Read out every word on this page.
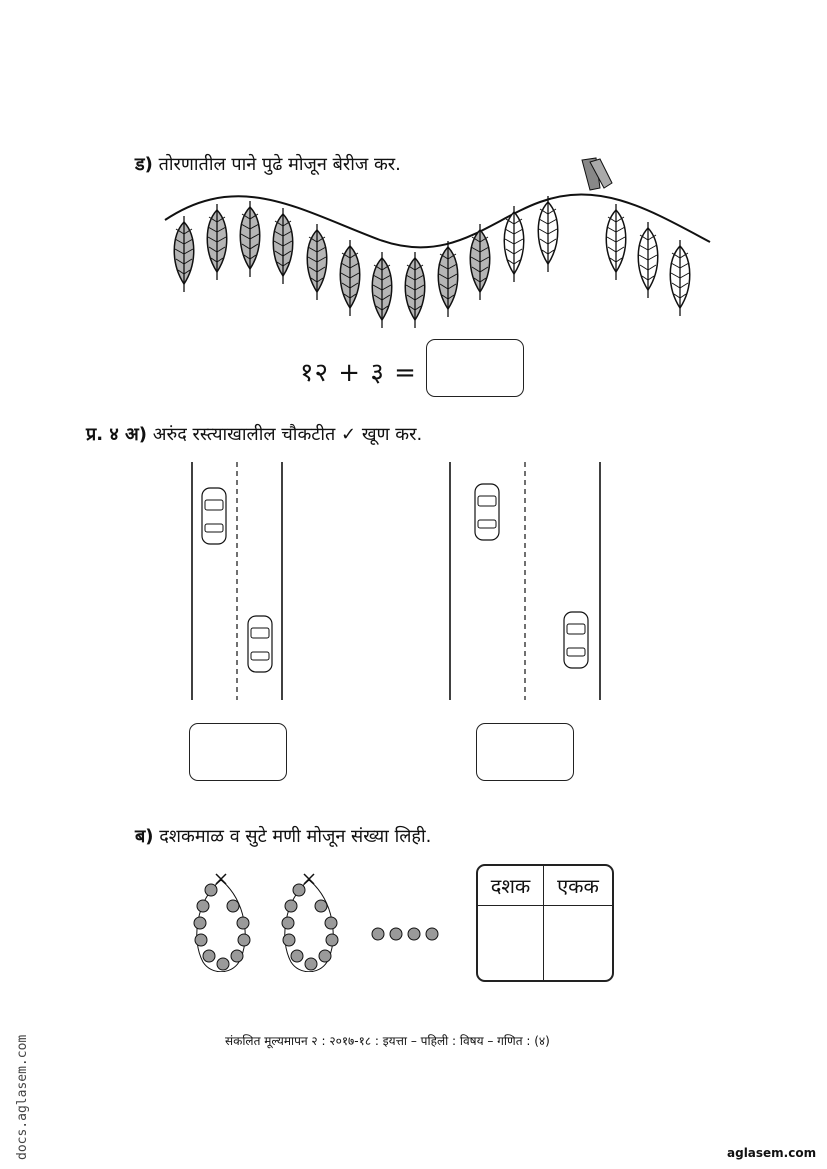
ड) तोरणातील पाने पुढे मोजून बेरीज कर.
१२ + ३ =
प्र. ४ अ) अरुंद रस्त्याखालील चौकटीत ✓ खूण कर.
ब) दशकमाळ व सुटे मणी मोजून संख्या लिही.
दशक	एकक
संकलित मूल्यमापन २ : २०१७-१८ : इयत्ता – पहिली : विषय – गणित : (४)
docs.aglasem.com	aglasem.com
